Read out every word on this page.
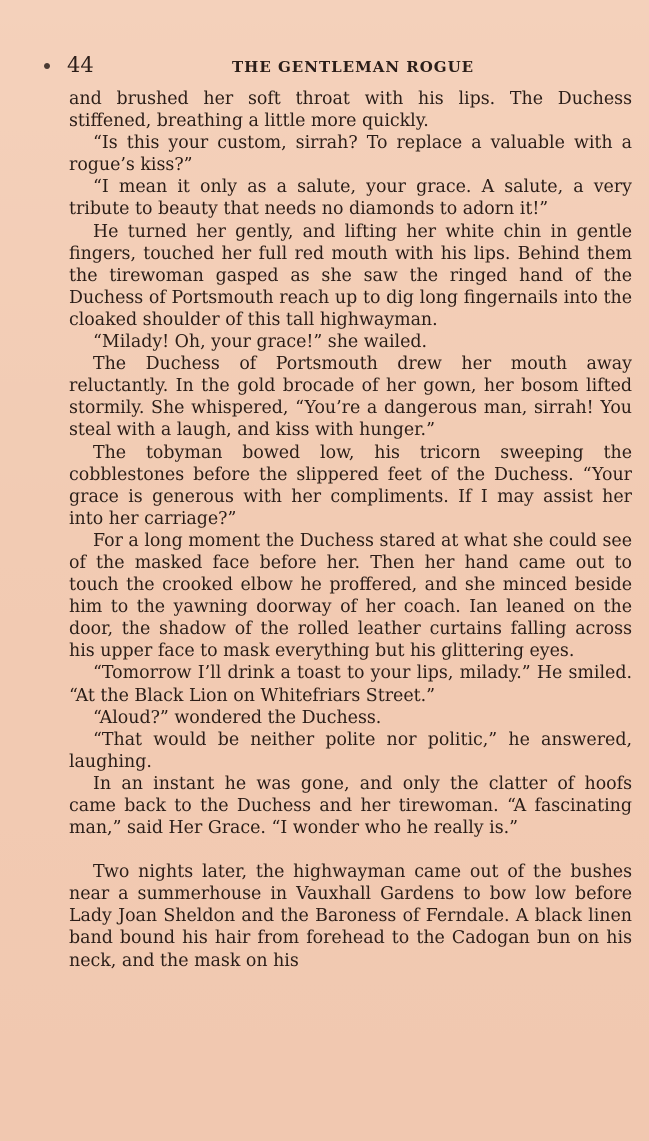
44	THE GENTLEMAN ROGUE

and brushed her soft throat with his lips. The Duchess stiffened, breathing a little more quickly.

“Is this your custom, sirrah? To replace a valuable with a rogue’s kiss?”

“I mean it only as a salute, your grace. A salute, a very tribute to beauty that needs no diamonds to adorn it!”

He turned her gently, and lifting her white chin in gentle fingers, touched her full red mouth with his lips. Behind them the tirewoman gasped as she saw the ringed hand of the Duchess of Portsmouth reach up to dig long fingernails into the cloaked shoulder of this tall highwayman.

“Milady! Oh, your grace!” she wailed.

The Duchess of Portsmouth drew her mouth away reluctantly. In the gold brocade of her gown, her bosom lifted stormily. She whispered, “You’re a dangerous man, sirrah! You steal with a laugh, and kiss with hunger.”

The tobyman bowed low, his tricorn sweeping the cobblestones before the slippered feet of the Duchess. “Your grace is generous with her compliments. If I may assist her into her carriage?”

For a long moment the Duchess stared at what she could see of the masked face before her. Then her hand came out to touch the crooked elbow he proffered, and she minced beside him to the yawning doorway of her coach. Ian leaned on the door, the shadow of the rolled leather curtains falling across his upper face to mask everything but his glittering eyes.

“Tomorrow I’ll drink a toast to your lips, milady.” He smiled. “At the Black Lion on Whitefriars Street.”

“Aloud?” wondered the Duchess.

“That would be neither polite nor politic,” he answered, laughing.

In an instant he was gone, and only the clatter of hoofs came back to the Duchess and her tirewoman. “A fascinating man,” said Her Grace. “I wonder who he really is.”

Two nights later, the highwayman came out of the bushes near a summerhouse in Vauxhall Gardens to bow low before Lady Joan Sheldon and the Baroness of Ferndale. A black linen band bound his hair from forehead to the Cadogan bun on his neck, and the mask on his
